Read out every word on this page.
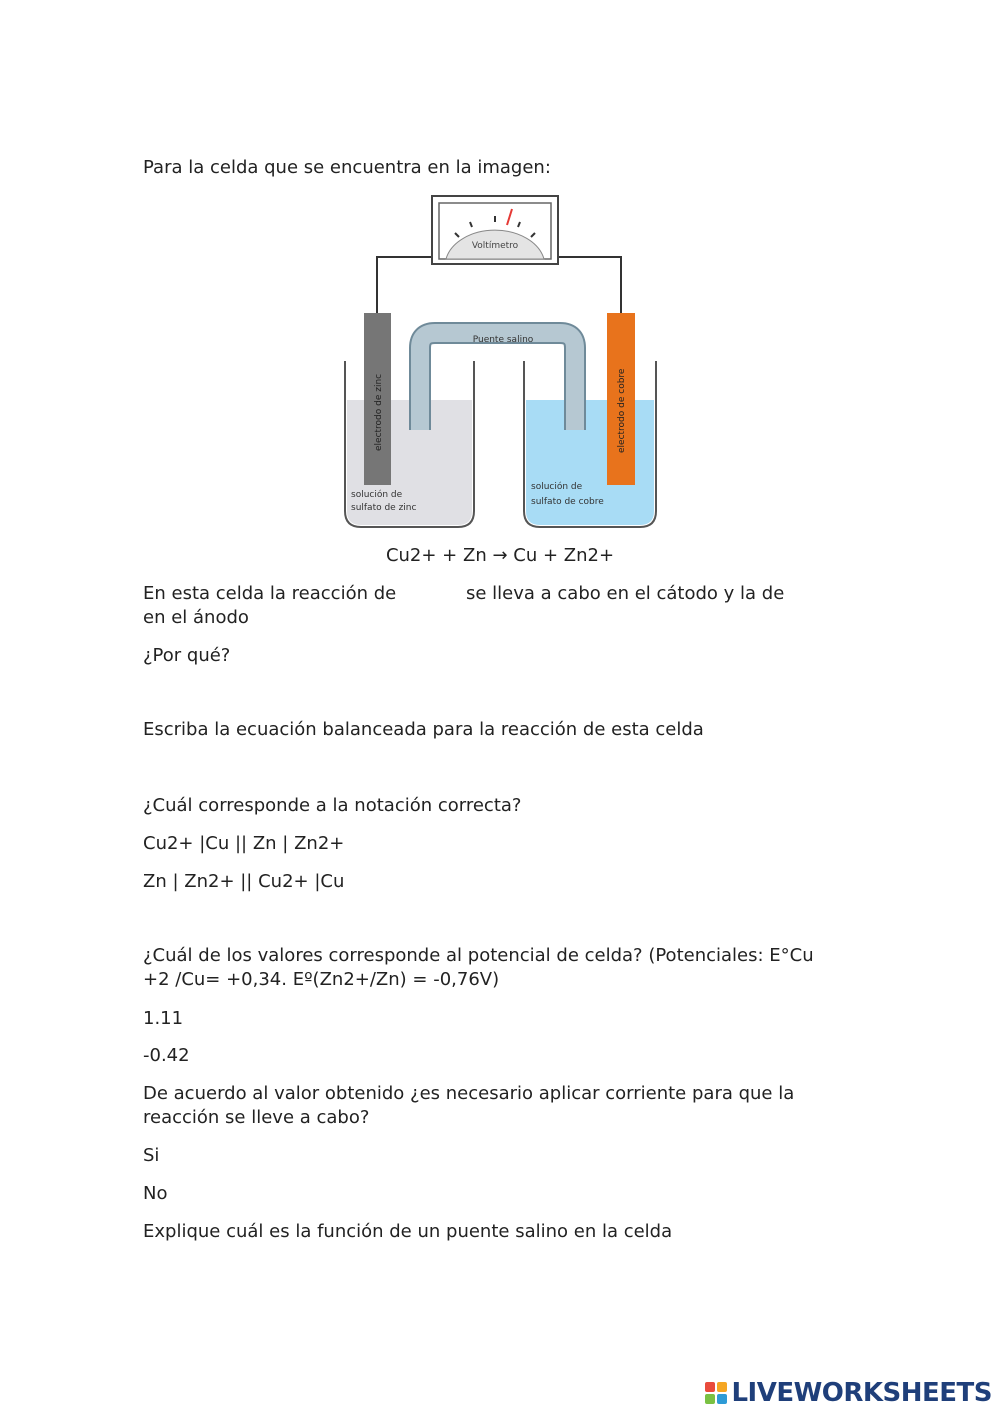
Para la celda que se encuentra en la imagen:

Voltímetro
Puente salino
electrodo de zinc	electrodo de cobre
solución de
sulfato de zinc
solución de
sulfato de cobre

Cu2+ + Zn → Cu + Zn2+

En esta celda la reacción de	se lleva a cabo en el cátodo y la de

en el ánodo

¿Por qué?

Escriba la ecuación balanceada para la reacción de esta celda

¿Cuál corresponde a la notación correcta?

Cu2+ |Cu || Zn | Zn2+

Zn | Zn2+ || Cu2+ |Cu

¿Cuál de los valores corresponde al potencial de celda? (Potenciales: E°Cu

+2 /Cu= +0,34. Eº(Zn2+/Zn) = -0,76V)

1.11

-0.42

De acuerdo al valor obtenido ¿es necesario aplicar corriente para que la

reacción se lleve a cabo?

Si

No

Explique cuál es la función de un puente salino en la celda

LIVEWORKSHEETS
